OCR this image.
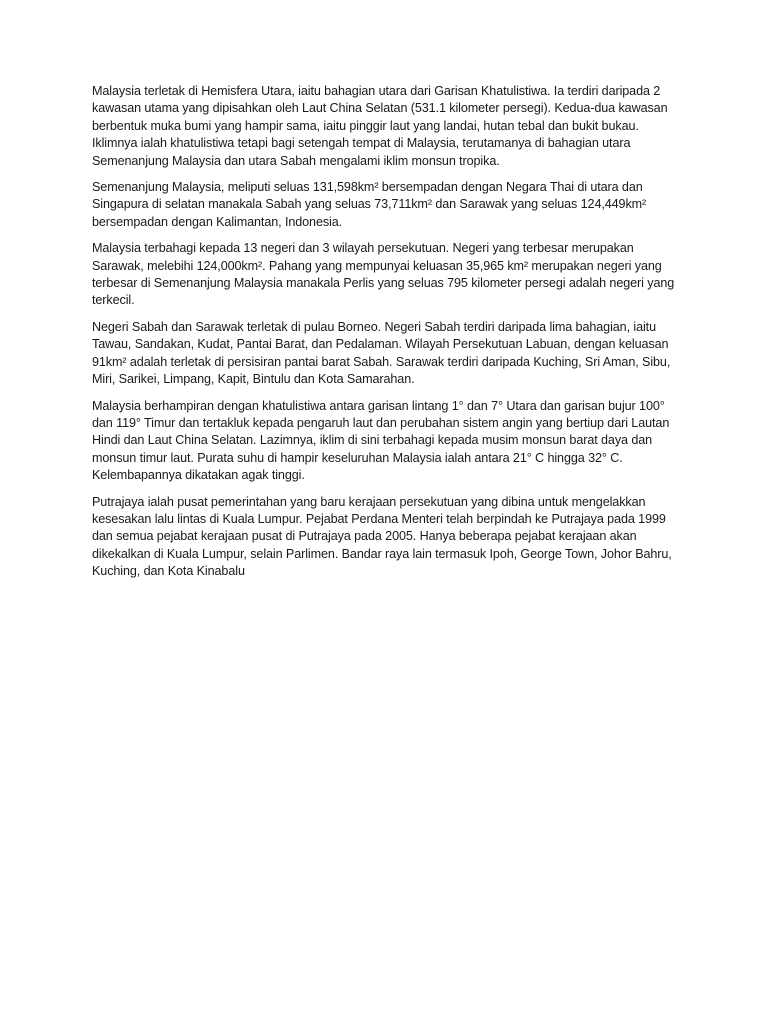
Malaysia terletak di Hemisfera Utara, iaitu bahagian utara dari Garisan Khatulistiwa. Ia terdiri daripada 2 kawasan utama yang dipisahkan oleh Laut China Selatan (531.1 kilometer persegi). Kedua-dua kawasan berbentuk muka bumi yang hampir sama, iaitu pinggir laut yang landai, hutan tebal dan bukit bukau. Iklimnya ialah khatulistiwa tetapi bagi setengah tempat di Malaysia, terutamanya di bahagian utara Semenanjung Malaysia dan utara Sabah mengalami iklim monsun tropika.

Semenanjung Malaysia, meliputi seluas 131,598km² bersempadan dengan Negara Thai di utara dan Singapura di selatan manakala Sabah yang seluas 73,711km² dan Sarawak yang seluas 124,449km² bersempadan dengan Kalimantan, Indonesia.

Malaysia terbahagi kepada 13 negeri dan 3 wilayah persekutuan. Negeri yang terbesar merupakan Sarawak, melebihi 124,000km². Pahang yang mempunyai keluasan 35,965 km² merupakan negeri yang terbesar di Semenanjung Malaysia manakala Perlis yang seluas 795 kilometer persegi adalah negeri yang terkecil.

Negeri Sabah dan Sarawak terletak di pulau Borneo. Negeri Sabah terdiri daripada lima bahagian, iaitu Tawau, Sandakan, Kudat, Pantai Barat, dan Pedalaman. Wilayah Persekutuan Labuan, dengan keluasan 91km² adalah terletak di persisiran pantai barat Sabah. Sarawak terdiri daripada Kuching, Sri Aman, Sibu, Miri, Sarikei, Limpang, Kapit, Bintulu dan Kota Samarahan.

Malaysia berhampiran dengan khatulistiwa antara garisan lintang 1° dan 7° Utara dan garisan bujur 100° dan 119° Timur dan tertakluk kepada pengaruh laut dan perubahan sistem angin yang bertiup dari Lautan Hindi dan Laut China Selatan. Lazimnya, iklim di sini terbahagi kepada musim monsun barat daya dan monsun timur laut. Purata suhu di hampir keseluruhan Malaysia ialah antara 21° C hingga 32° C. Kelembapannya dikatakan agak tinggi.

Putrajaya ialah pusat pemerintahan yang baru kerajaan persekutuan yang dibina untuk mengelakkan kesesakan lalu lintas di Kuala Lumpur. Pejabat Perdana Menteri telah berpindah ke Putrajaya pada 1999 dan semua pejabat kerajaan pusat di Putrajaya pada 2005. Hanya beberapa pejabat kerajaan akan dikekalkan di Kuala Lumpur, selain Parlimen. Bandar raya lain termasuk Ipoh, George Town, Johor Bahru, Kuching, dan Kota Kinabalu
